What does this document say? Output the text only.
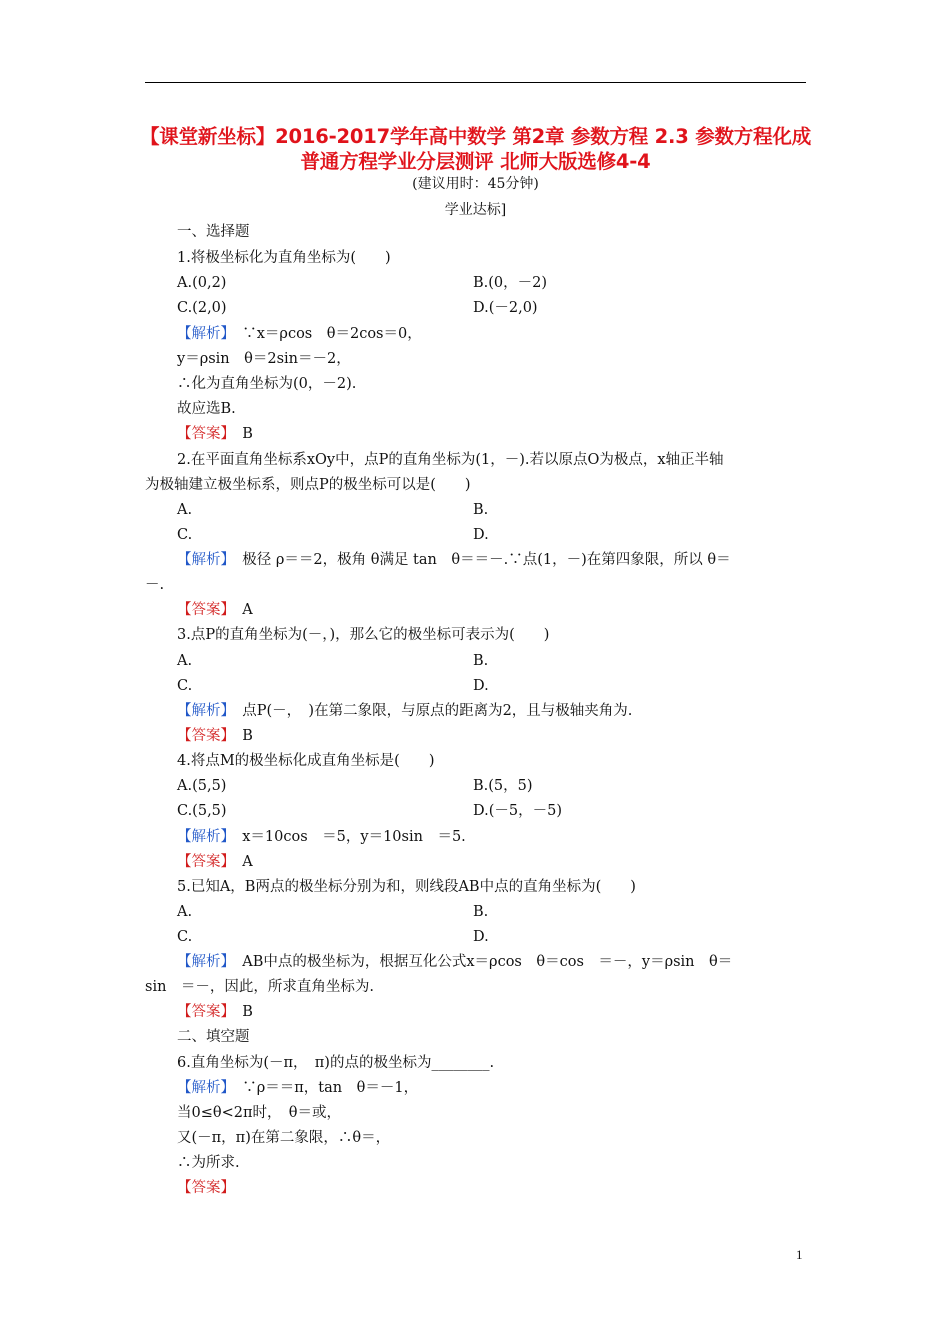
【课堂新坐标】2016-2017学年高中数学 第2章 参数方程 2.3 参数方程化成普通方程学业分层测评 北师大版选修4-4
(建议用时：45分钟)
学业达标]
一、选择题
1.将极坐标化为直角坐标为(　　)
A.(0,2)	B.(0，－2)
C.(2,0)	D.(－2,0)
【解析】　 ∵x＝ρcos　θ＝2cos＝0，
y＝ρsin　θ＝2sin＝－2，
∴化为直角坐标为(0，－2).
故应选B.
【答案】　 B
2.在平面直角坐标系xOy中，点P的直角坐标为(1，－).若以原点O为极点，x轴正半轴
为极轴建立极坐标系，则点P的极坐标可以是(　　)
A.	B.
C.	D.
【解析】　 极径 ρ＝＝2，极角 θ满足 tan　θ＝＝－.∵点(1，－)在第四象限，所以 θ＝
－.
【答案】　 A
3.点P的直角坐标为(－，)，那么它的极坐标可表示为(　　)
A.	B.
C.	D.
【解析】　 点P(－，　)在第二象限，与原点的距离为2，且与极轴夹角为.
【答案】　 B
4.将点M的极坐标化成直角坐标是(　　)
A.(5,5)	B.(5，5)
C.(5,5)	D.(－5，－5)
【解析】　 x＝10cos　＝5，y＝10sin　＝5.
【答案】　 A
5.已知A，B两点的极坐标分别为和，则线段AB中点的直角坐标为(　　)
A.	B.
C.	D.
【解析】　 AB中点的极坐标为，根据互化公式x＝ρcos　θ＝cos　＝－，y＝ρsin　θ＝
sin　＝－，因此，所求直角坐标为.
【答案】　 B
二、填空题
6.直角坐标为(－π，　π)的点的极坐标为________.
【解析】　 ∵ρ＝＝π，tan　θ＝－1，
当0≤θ<2π时，　θ＝或，
又(－π，π)在第二象限，∴θ＝，
∴为所求.
【答案】
1
